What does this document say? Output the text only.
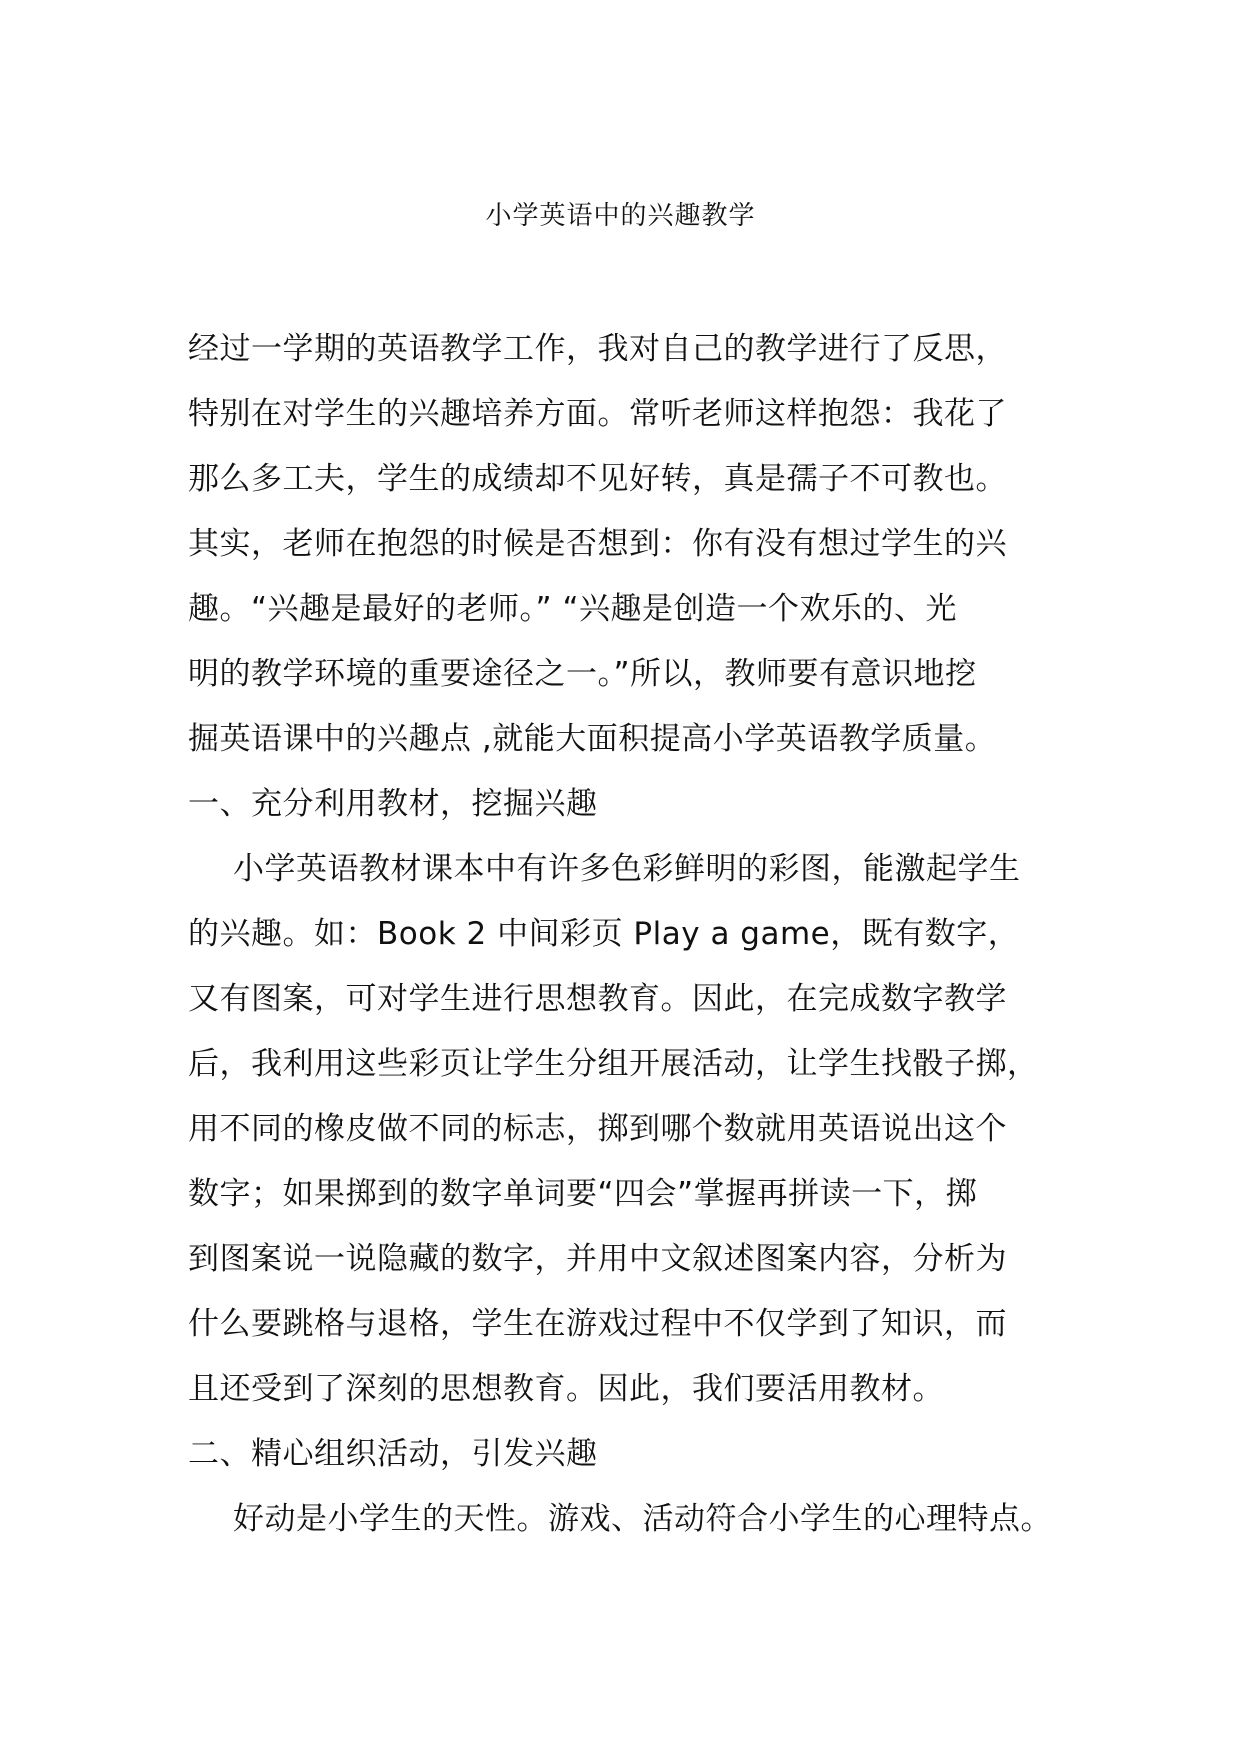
小学英语中的兴趣教学
经过一学期的英语教学工作，我对自己的教学进行了反思，
特别在对学生的兴趣培养方面。常听老师这样抱怨：我花了
那么多工夫，学生的成绩却不见好转，真是孺子不可教也。
其实，老师在抱怨的时候是否想到：你有没有想过学生的兴
趣。“兴趣是最好的老师。” “兴趣是创造一个欢乐的、光
明的教学环境的重要途径之一。”所以，教师要有意识地挖
掘英语课中的兴趣点 ,就能大面积提高小学英语教学质量。
一、充分利用教材，挖掘兴趣
小学英语教材课本中有许多色彩鲜明的彩图，能激起学生
的兴趣。如：Book 2 中间彩页 Play a game，既有数字，
又有图案，可对学生进行思想教育。因此，在完成数字教学
后，我利用这些彩页让学生分组开展活动，让学生找骰子掷，
用不同的橡皮做不同的标志，掷到哪个数就用英语说出这个
数字；如果掷到的数字单词要“四会”掌握再拼读一下，掷
到图案说一说隐藏的数字，并用中文叙述图案内容，分析为
什么要跳格与退格，学生在游戏过程中不仅学到了知识，而
且还受到了深刻的思想教育。因此，我们要活用教材。
二、精心组织活动，引发兴趣
好动是小学生的天性。游戏、活动符合小学生的心理特点。
